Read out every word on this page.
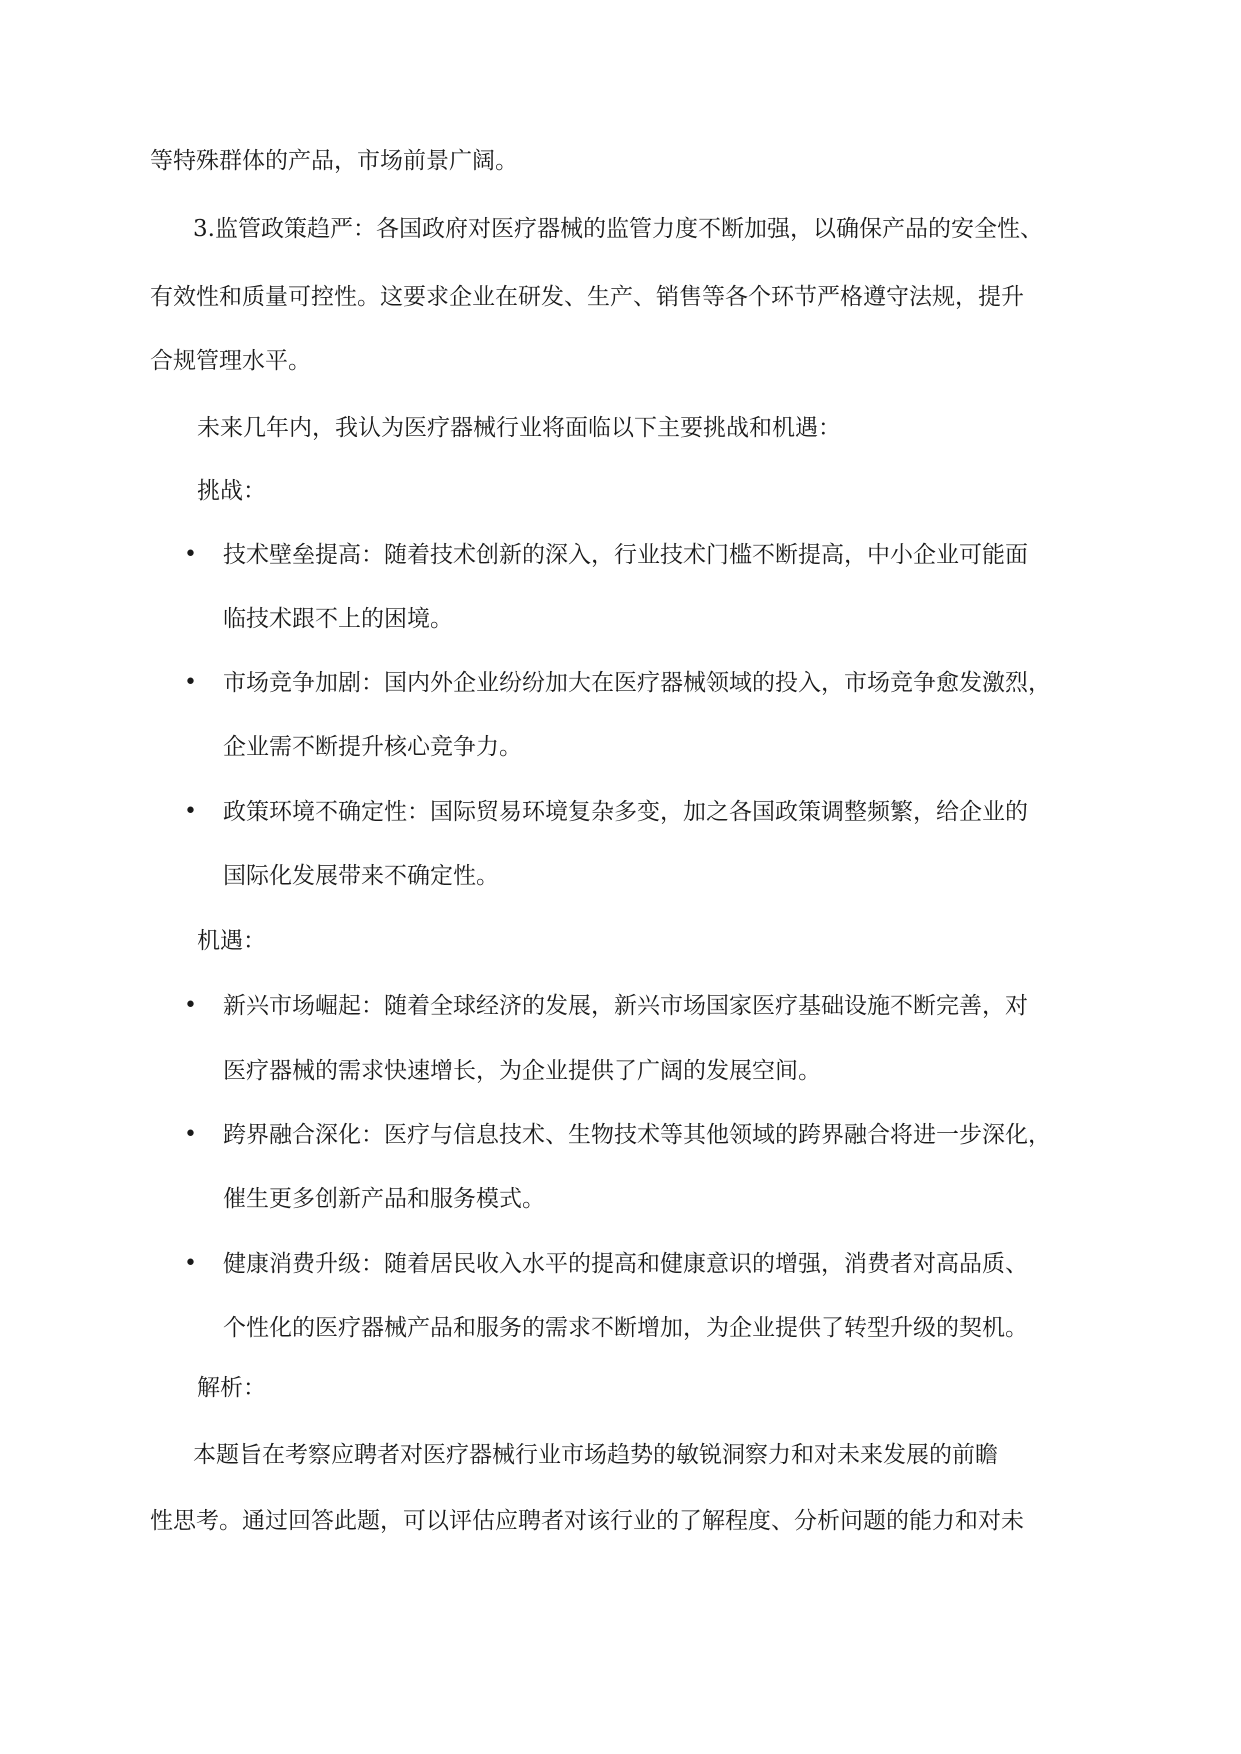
等特殊群体的产品，市场前景广阔。

3.监管政策趋严：各国政府对医疗器械的监管力度不断加强，以确保产品的安全性、

有效性和质量可控性。这要求企业在研发、生产、销售等各个环节严格遵守法规，提升

合规管理水平。

未来几年内，我认为医疗器械行业将面临以下主要挑战和机遇：

挑战：

• 技术壁垒提高：随着技术创新的深入，行业技术门槛不断提高，中小企业可能面

临技术跟不上的困境。

• 市场竞争加剧：国内外企业纷纷加大在医疗器械领域的投入，市场竞争愈发激烈，

企业需不断提升核心竞争力。

• 政策环境不确定性：国际贸易环境复杂多变，加之各国政策调整频繁，给企业的

国际化发展带来不确定性。

机遇：

• 新兴市场崛起：随着全球经济的发展，新兴市场国家医疗基础设施不断完善，对

医疗器械的需求快速增长，为企业提供了广阔的发展空间。

• 跨界融合深化：医疗与信息技术、生物技术等其他领域的跨界融合将进一步深化，

催生更多创新产品和服务模式。

• 健康消费升级：随着居民收入水平的提高和健康意识的增强，消费者对高品质、

个性化的医疗器械产品和服务的需求不断增加，为企业提供了转型升级的契机。

解析：

本题旨在考察应聘者对医疗器械行业市场趋势的敏锐洞察力和对未来发展的前瞻

性思考。通过回答此题，可以评估应聘者对该行业的了解程度、分析问题的能力和对未
